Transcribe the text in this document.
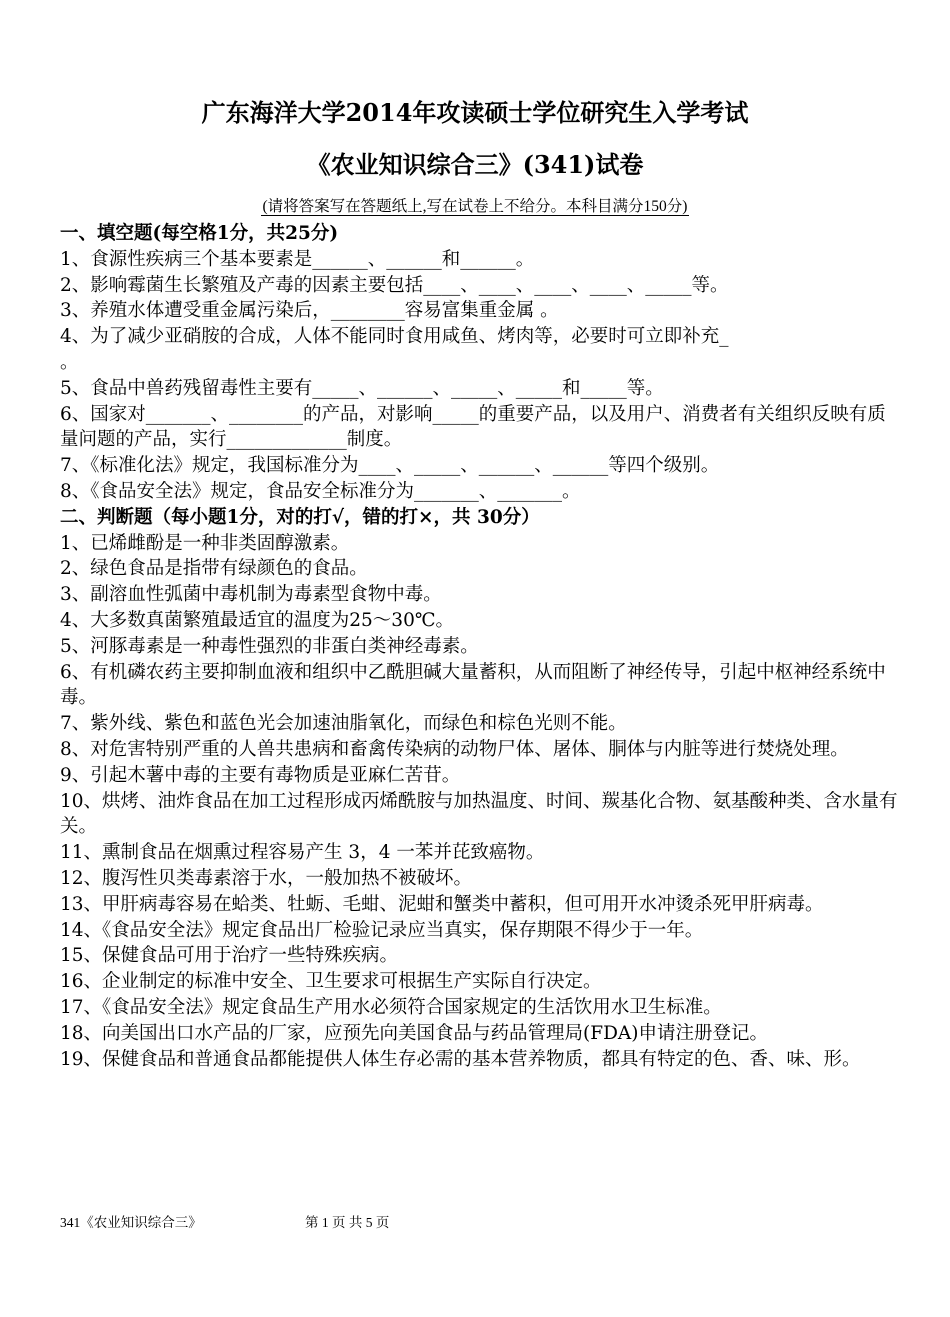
广东海洋大学2014年攻读硕士学位研究生入学考试
《农业知识综合三》(341)试卷
(请将答案写在答题纸上,写在试卷上不给分。本科目满分150分)

一、填空题(每空格1分，共25分)

1、食源性疾病三个基本要素是______、______和______。

2、影响霉菌生长繁殖及产毒的因素主要包括____、____、____、____、_____等。

3、养殖水体遭受重金属污染后，________容易富集重金属 。

4、为了减少亚硝胺的合成，人体不能同时食用咸鱼、烤肉等，必要时可立即补充_

。

5、食品中兽药残留毒性主要有_____、______、_____、_____和_____等。

6、国家对_______、________的产品，对影响_____的重要产品，以及用户、消费者有关组织反映有质量问题的产品，实行_____________制度。

7、《标准化法》规定，我国标准分为____、_____、______、______等四个级别。

8、《食品安全法》规定，食品安全标准分为_______、_______。

二、判断题（每小题1分，对的打√，错的打×，共 30分）

1、已烯雌酚是一种非类固醇激素。

2、绿色食品是指带有绿颜色的食品。

3、副溶血性弧菌中毒机制为毒素型食物中毒。

4、大多数真菌繁殖最适宜的温度为25～30℃。

5、河豚毒素是一种毒性强烈的非蛋白类神经毒素。

6、有机磷农药主要抑制血液和组织中乙酰胆碱大量蓄积，从而阻断了神经传导，引起中枢神经系统中毒。

7、紫外线、紫色和蓝色光会加速油脂氧化，而绿色和棕色光则不能。

8、对危害特别严重的人兽共患病和畜禽传染病的动物尸体、屠体、胴体与内脏等进行焚烧处理。

9、引起木薯中毒的主要有毒物质是亚麻仁苦苷。

10、烘烤、油炸食品在加工过程形成丙烯酰胺与加热温度、时间、羰基化合物、氨基酸种类、含水量有关。

11、熏制食品在烟熏过程容易产生 3，4 一苯并芘致癌物。

12、腹泻性贝类毒素溶于水，一般加热不被破坏。

13、甲肝病毒容易在蛤类、牡蛎、毛蚶、泥蚶和蟹类中蓄积，但可用开水冲烫杀死甲肝病毒。

14、《食品安全法》规定食品出厂检验记录应当真实，保存期限不得少于一年。

15、保健食品可用于治疗一些特殊疾病。

16、企业制定的标准中安全、卫生要求可根据生产实际自行决定。

17、《食品安全法》规定食品生产用水必须符合国家规定的生活饮用水卫生标准。

18、向美国出口水产品的厂家，应预先向美国食品与药品管理局(FDA)申请注册登记。

19、保健食品和普通食品都能提供人体生存必需的基本营养物质，都具有特定的色、香、味、形。

341《农业知识综合三》	第 1 页 共 5 页
